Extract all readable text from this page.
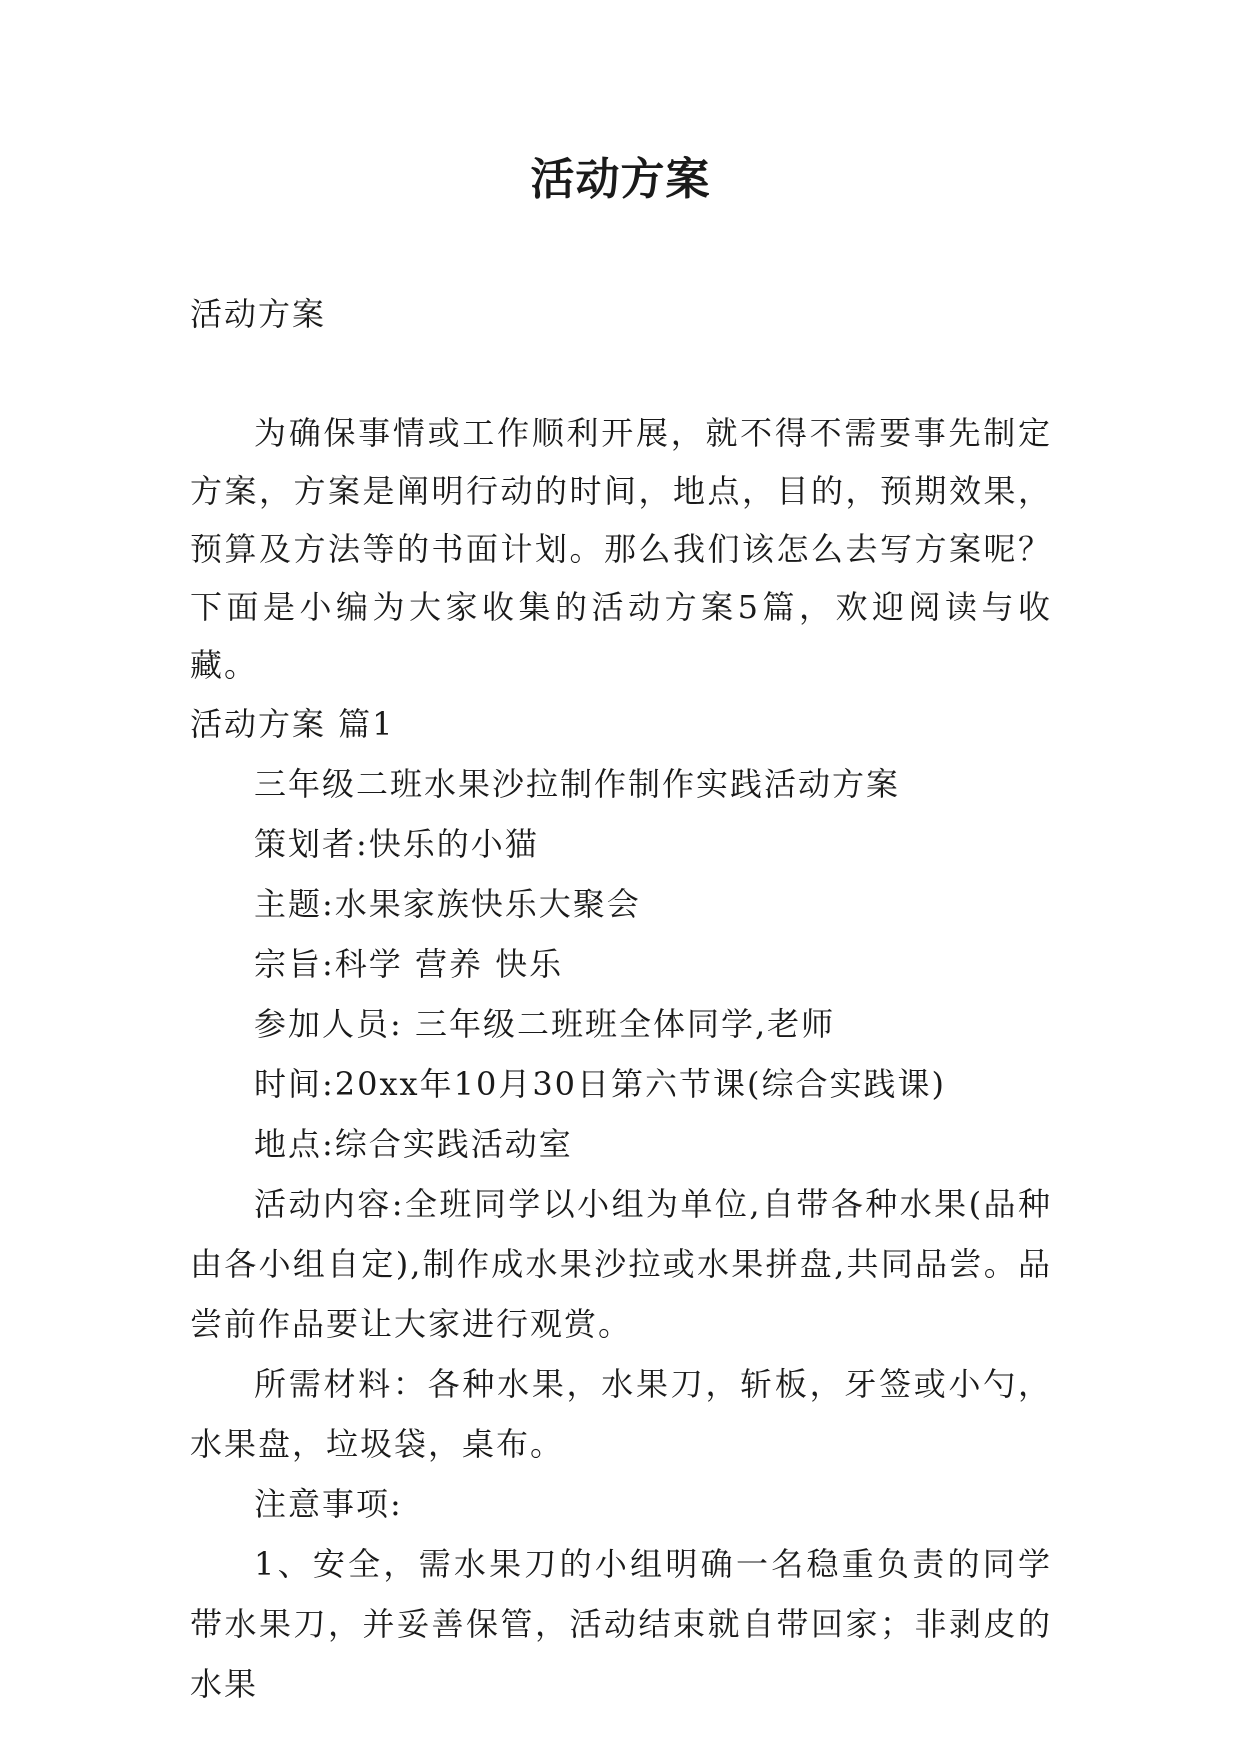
活动方案
活动方案

为确保事情或工作顺利开展，就不得不需要事先制定方案，方案是阐明行动的时间，地点，目的，预期效果，预算及方法等的书面计划。那么我们该怎么去写方案呢？下面是小编为大家收集的活动方案5篇，欢迎阅读与收藏。

活动方案 篇1

三年级二班水果沙拉制作制作实践活动方案

策划者:快乐的小猫

主题:水果家族快乐大聚会

宗旨:科学 营养 快乐

参加人员: 三年级二班班全体同学,老师

时间:20xx年10月30日第六节课(综合实践课)

地点:综合实践活动室

活动内容:全班同学以小组为单位,自带各种水果(品种由各小组自定),制作成水果沙拉或水果拼盘,共同品尝。品尝前作品要让大家进行观赏。

所需材料：各种水果，水果刀，斩板，牙签或小勺，水果盘，垃圾袋，桌布。

注意事项:

1、安全，需水果刀的小组明确一名稳重负责的同学带水果刀，并妥善保管，活动结束就自带回家；非剥皮的水果
